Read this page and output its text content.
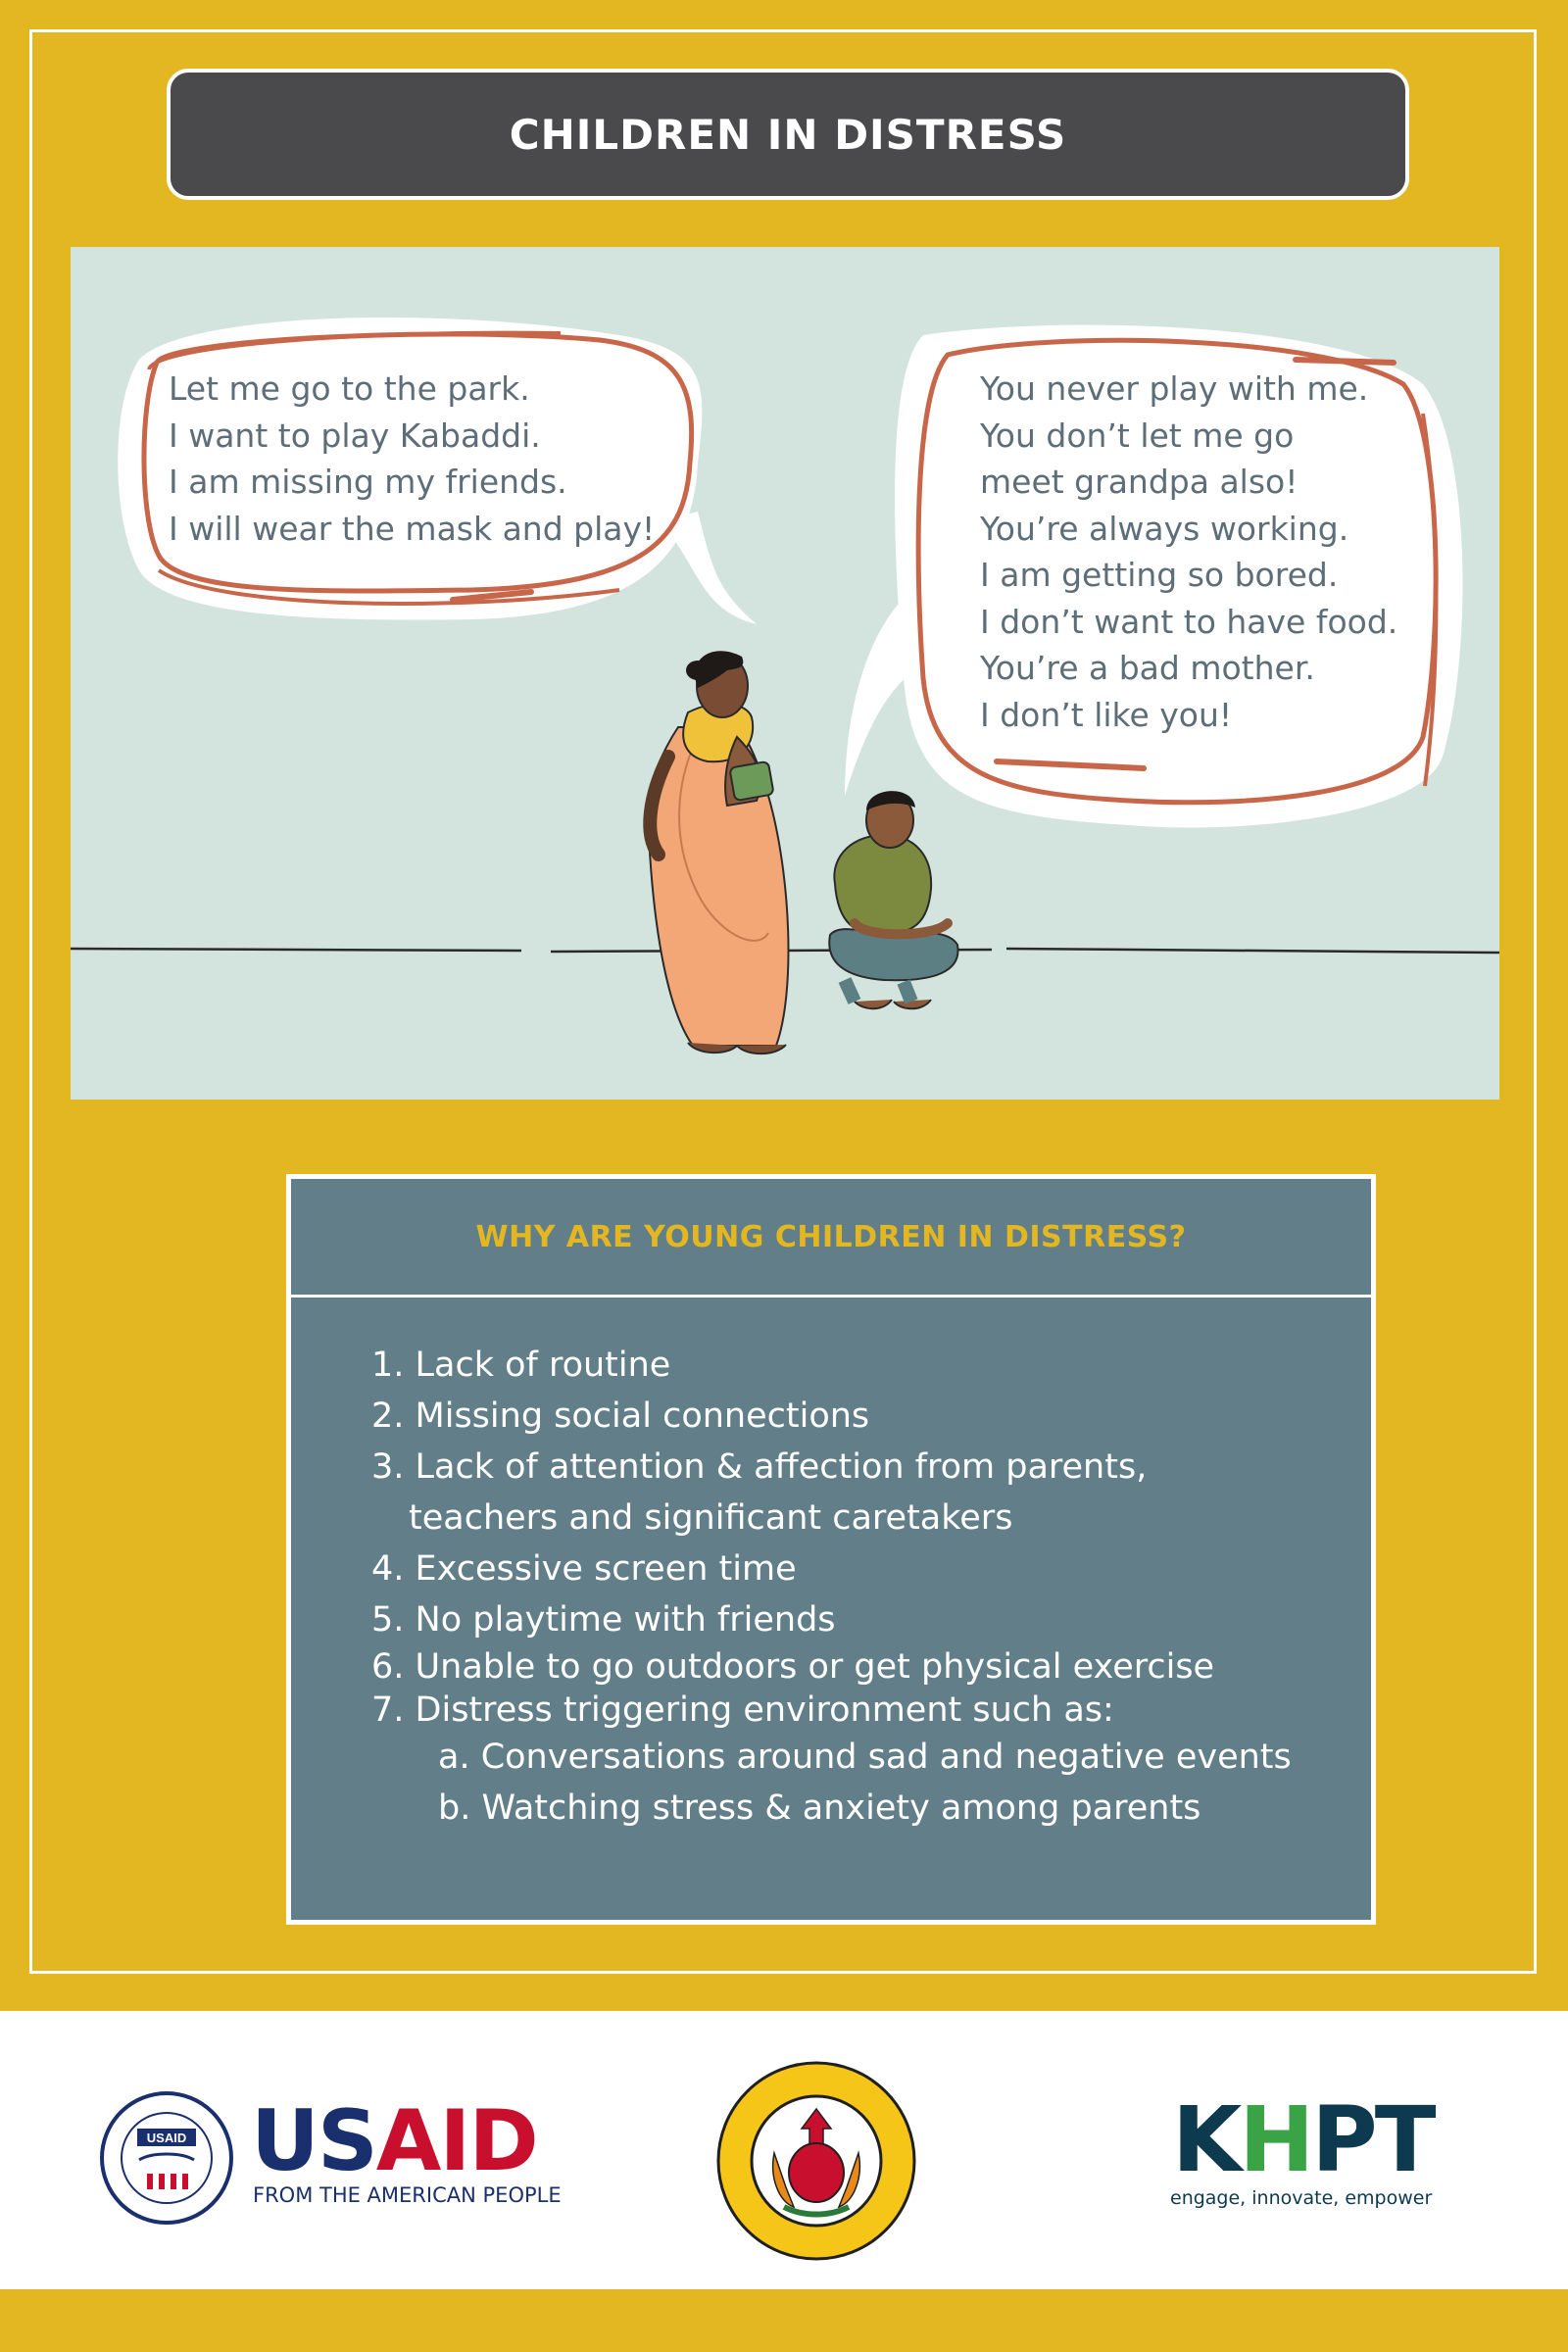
CHILDREN IN DISTRESS
Let me go to the park.
I want to play Kabaddi.
I am missing my friends.
I will wear the mask and play!
You never play with me.
You don’t let me go
meet grandpa also!
You’re always working.
I am getting so bored.
I don’t want to have food.
You’re a bad mother.
I don’t like you!
WHY ARE YOUNG CHILDREN IN DISTRESS?
1. Lack of routine
2. Missing social connections
3. Lack of attention & affection from parents,
teachers and significant caretakers
4. Excessive screen time
5. No playtime with friends
6. Unable to go outdoors or get physical exercise
7. Distress triggering environment such as:
a. Conversations around sad and negative events
b. Watching stress & anxiety among parents
USAID USAID
FROM THE AMERICAN PEOPLE
KHPT
engage, innovate, empower
